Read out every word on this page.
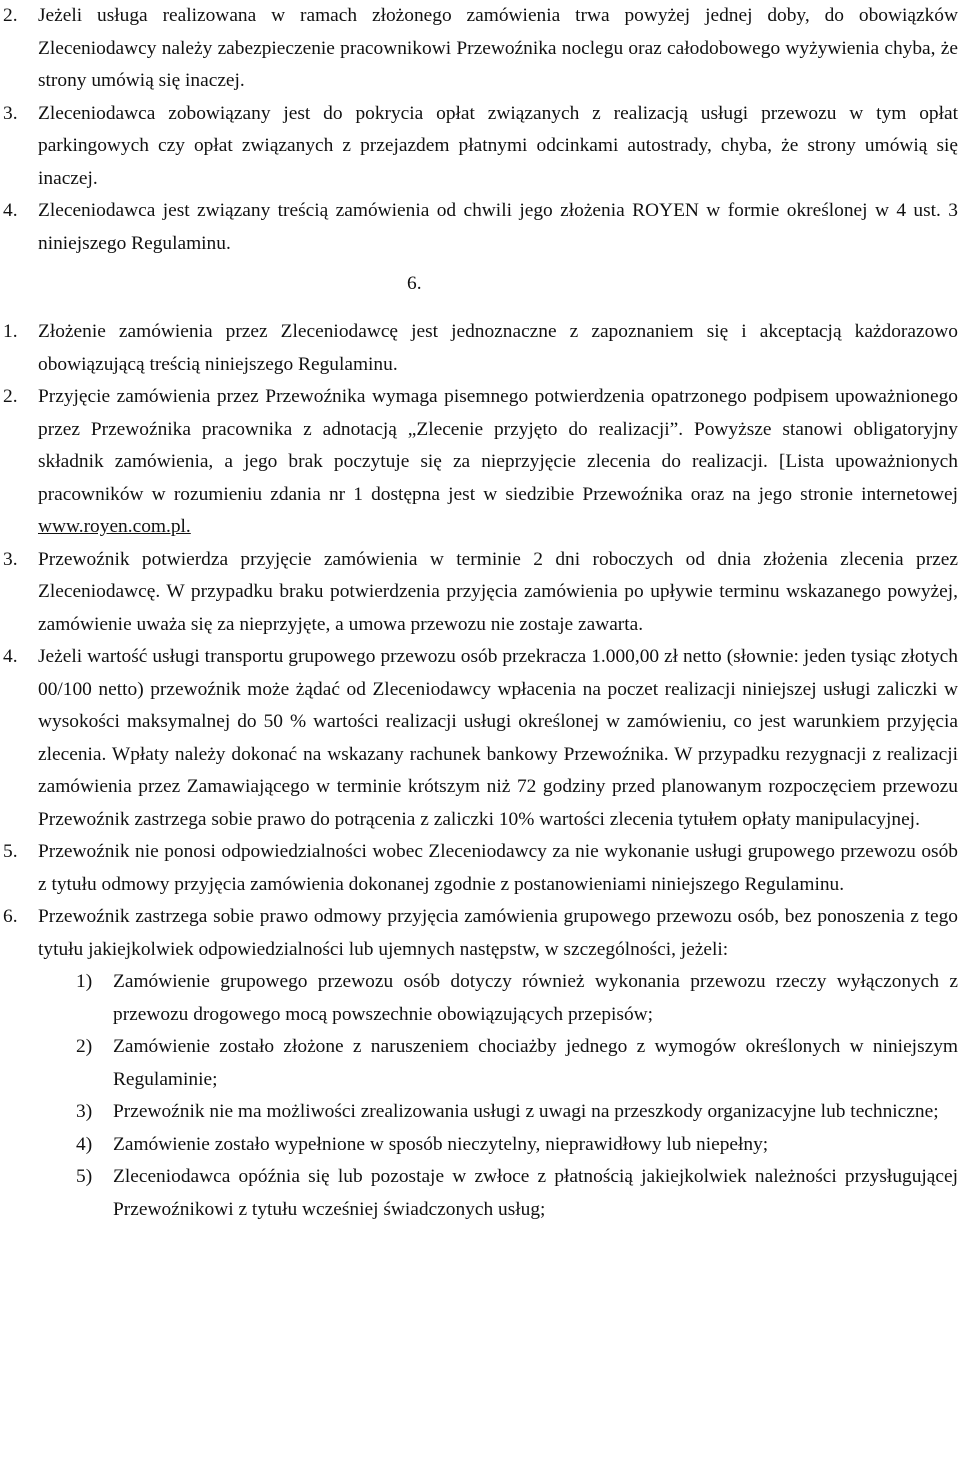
2. Jeżeli usługa realizowana w ramach złożonego zamówienia trwa powyżej jednej doby, do obowiązków Zleceniodawcy należy zabezpieczenie pracownikowi Przewoźnika noclegu oraz całodobowego wyżywienia chyba, że strony umówią się inaczej.
3. Zleceniodawca zobowiązany jest do pokrycia opłat związanych z realizacją usługi przewozu w tym opłat parkingowych czy opłat związanych z przejazdem płatnymi odcinkami autostrady, chyba, że strony umówią się inaczej.
4. Zleceniodawca jest związany treścią zamówienia od chwili jego złożenia ROYEN w formie określonej w 4 ust. 3 niniejszego Regulaminu.
6.
1. Złożenie zamówienia przez Zleceniodawcę jest jednoznaczne z zapoznaniem się i akceptacją każdorazowo obowiązującą treścią niniejszego Regulaminu.
2. Przyjęcie zamówienia przez Przewoźnika wymaga pisemnego potwierdzenia opatrzonego podpisem upoważnionego przez Przewoźnika pracownika z adnotacją „Zlecenie przyjęto do realizacji”. Powyższe stanowi obligatoryjny składnik zamówienia, a jego brak poczytuje się za nieprzyjęcie zlecenia do realizacji. [Lista upoważnionych pracowników w rozumieniu zdania nr 1 dostępna jest w siedzibie Przewoźnika oraz na jego stronie internetowej www.royen.com.pl.
3. Przewoźnik potwierdza przyjęcie zamówienia w terminie 2 dni roboczych od dnia złożenia zlecenia przez Zleceniodawcę. W przypadku braku potwierdzenia przyjęcia zamówienia po upływie terminu wskazanego powyżej, zamówienie uważa się za nieprzyjęte, a umowa przewozu nie zostaje zawarta.
4. Jeżeli wartość usługi transportu grupowego przewozu osób przekracza 1.000,00 zł netto (słownie: jeden tysiąc złotych 00/100 netto) przewoźnik może żądać od Zleceniodawcy wpłacenia na poczet realizacji niniejszej usługi zaliczki w wysokości maksymalnej do 50 % wartości realizacji usługi określonej w zamówieniu, co jest warunkiem przyjęcia zlecenia. Wpłaty należy dokonać na wskazany rachunek bankowy Przewoźnika. W przypadku rezygnacji z realizacji zamówienia przez Zamawiającego w terminie krótszym niż 72 godziny przed planowanym rozpoczęciem przewozu Przewoźnik zastrzega sobie prawo do potrącenia z zaliczki 10% wartości zlecenia tytułem opłaty manipulacyjnej.
5. Przewoźnik nie ponosi odpowiedzialności wobec Zleceniodawcy za nie wykonanie usługi grupowego przewozu osób z tytułu odmowy przyjęcia zamówienia dokonanej zgodnie z postanowieniami niniejszego Regulaminu.
6. Przewoźnik zastrzega sobie prawo odmowy przyjęcia zamówienia grupowego przewozu osób, bez ponoszenia z tego tytułu jakiejkolwiek odpowiedzialności lub ujemnych następstw, w szczególności, jeżeli:
1) Zamówienie grupowego przewozu osób dotyczy również wykonania przewozu rzeczy wyłączonych z przewozu drogowego mocą powszechnie obowiązujących przepisów;
2) Zamówienie zostało złożone z naruszeniem chociażby jednego z wymogów określonych w niniejszym Regulaminie;
3) Przewoźnik nie ma możliwości zrealizowania usługi z uwagi na przeszkody organizacyjne lub techniczne;
4) Zamówienie zostało wypełnione w sposób nieczytelny, nieprawidłowy lub niepełny;
5) Zleceniodawca opóźnia się lub pozostaje w zwłoce z płatnością jakiejkolwiek należności przysługującej Przewoźnikowi z tytułu wcześniej świadczonych usług;
